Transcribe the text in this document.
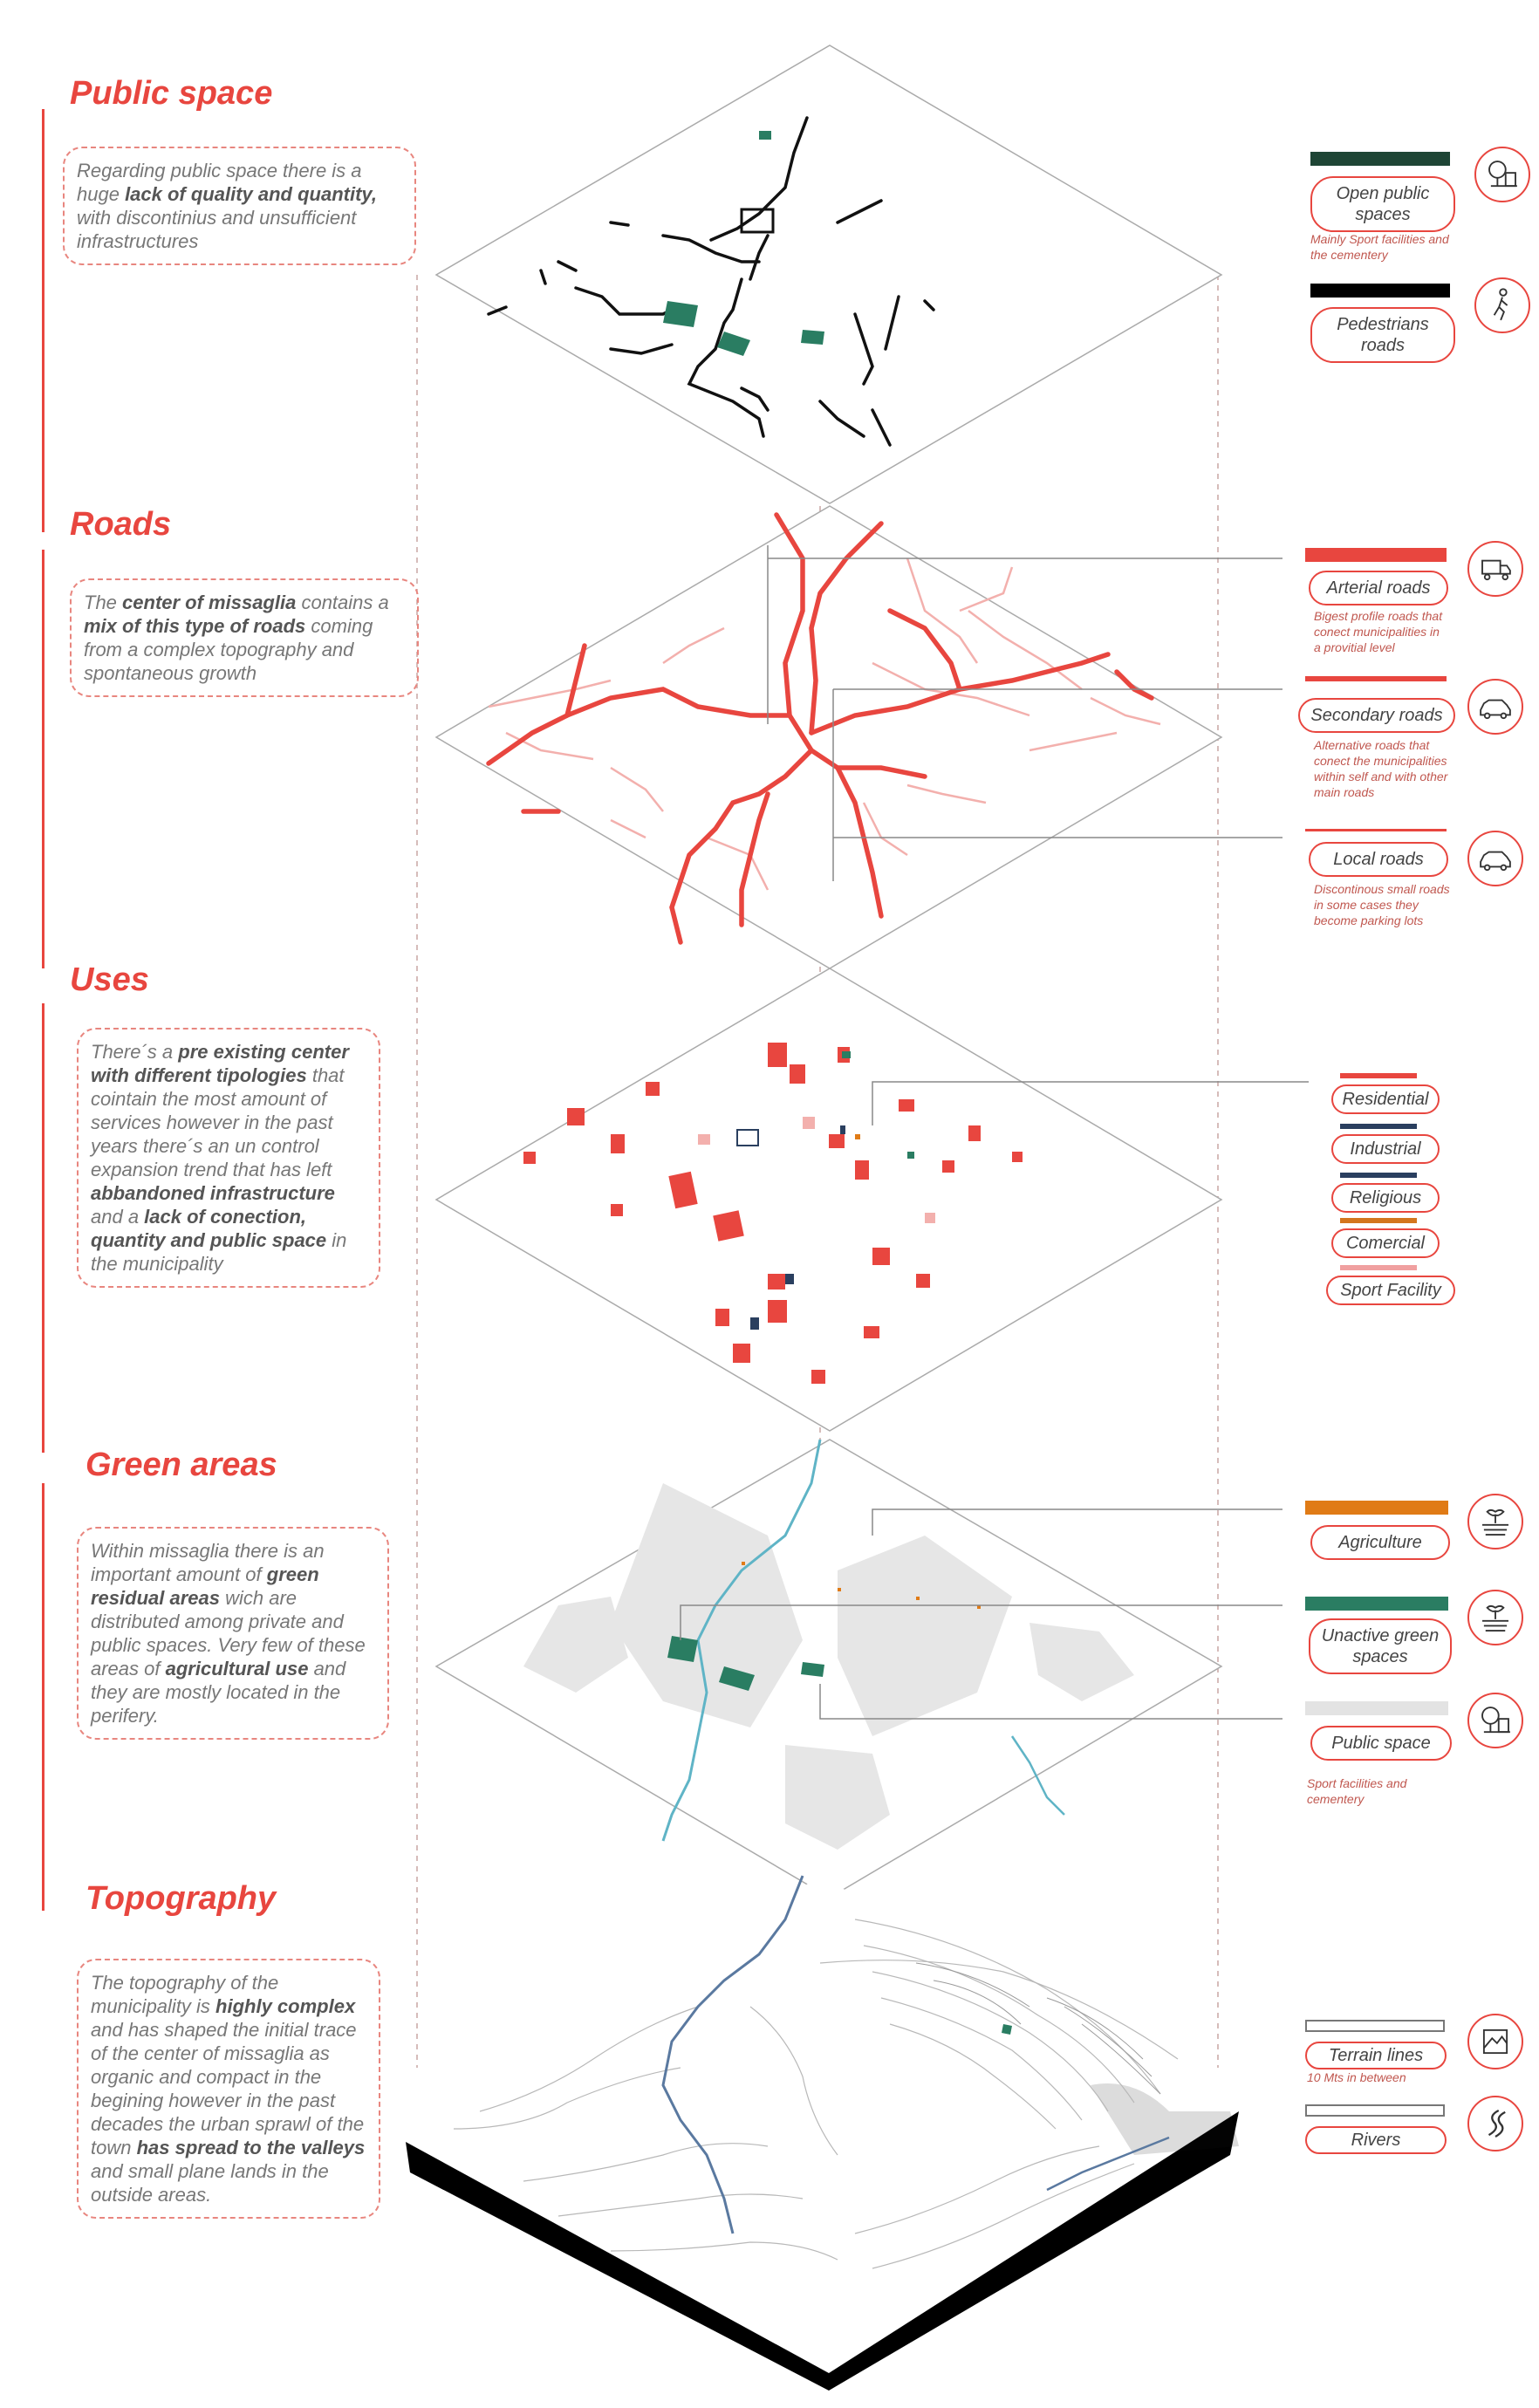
Public space
Roads
Uses
Green areas
Topography
Regarding public space there is a huge lack of quality and quantity, with discontinius and unsufficient infrastructures
The center of missaglia contains a mix of this type of roads coming from a complex topography and spontaneous growth
There´s a pre existing center with different tipologies that cointain the most amount of services however in the past years there´s an un control expansion trend that has left abbandoned infrastructure and a lack of conection, quantity and public space in the municipality
Within missaglia there is an important amount of green residual areas wich are distributed among private and public spaces. Very few of these areas of agricultural use and they are mostly located in the perifery.
The topography of the municipality is highly complex and has shaped the initial trace of the center of missaglia as organic and compact in the begining however in the past decades the urban sprawl of the town has spread to the valleys and small plane lands in the outside areas.
Open public spaces
Mainly Sport facilities and the cementery
Pedestrians roads
Arterial roads
Bigest profile roads that conect municipalities in a provitial level
Secondary roads
Alternative roads that conect the municipalities within self and with other main roads
Local roads
Discontinous small roads in some cases they become parking lots
Residential
Industrial
Religious
Comercial
Sport Facility
Agriculture
Unactive green spaces
Public space
Sport facilities and cementery
Terrain lines
10 Mts in between
Rivers
